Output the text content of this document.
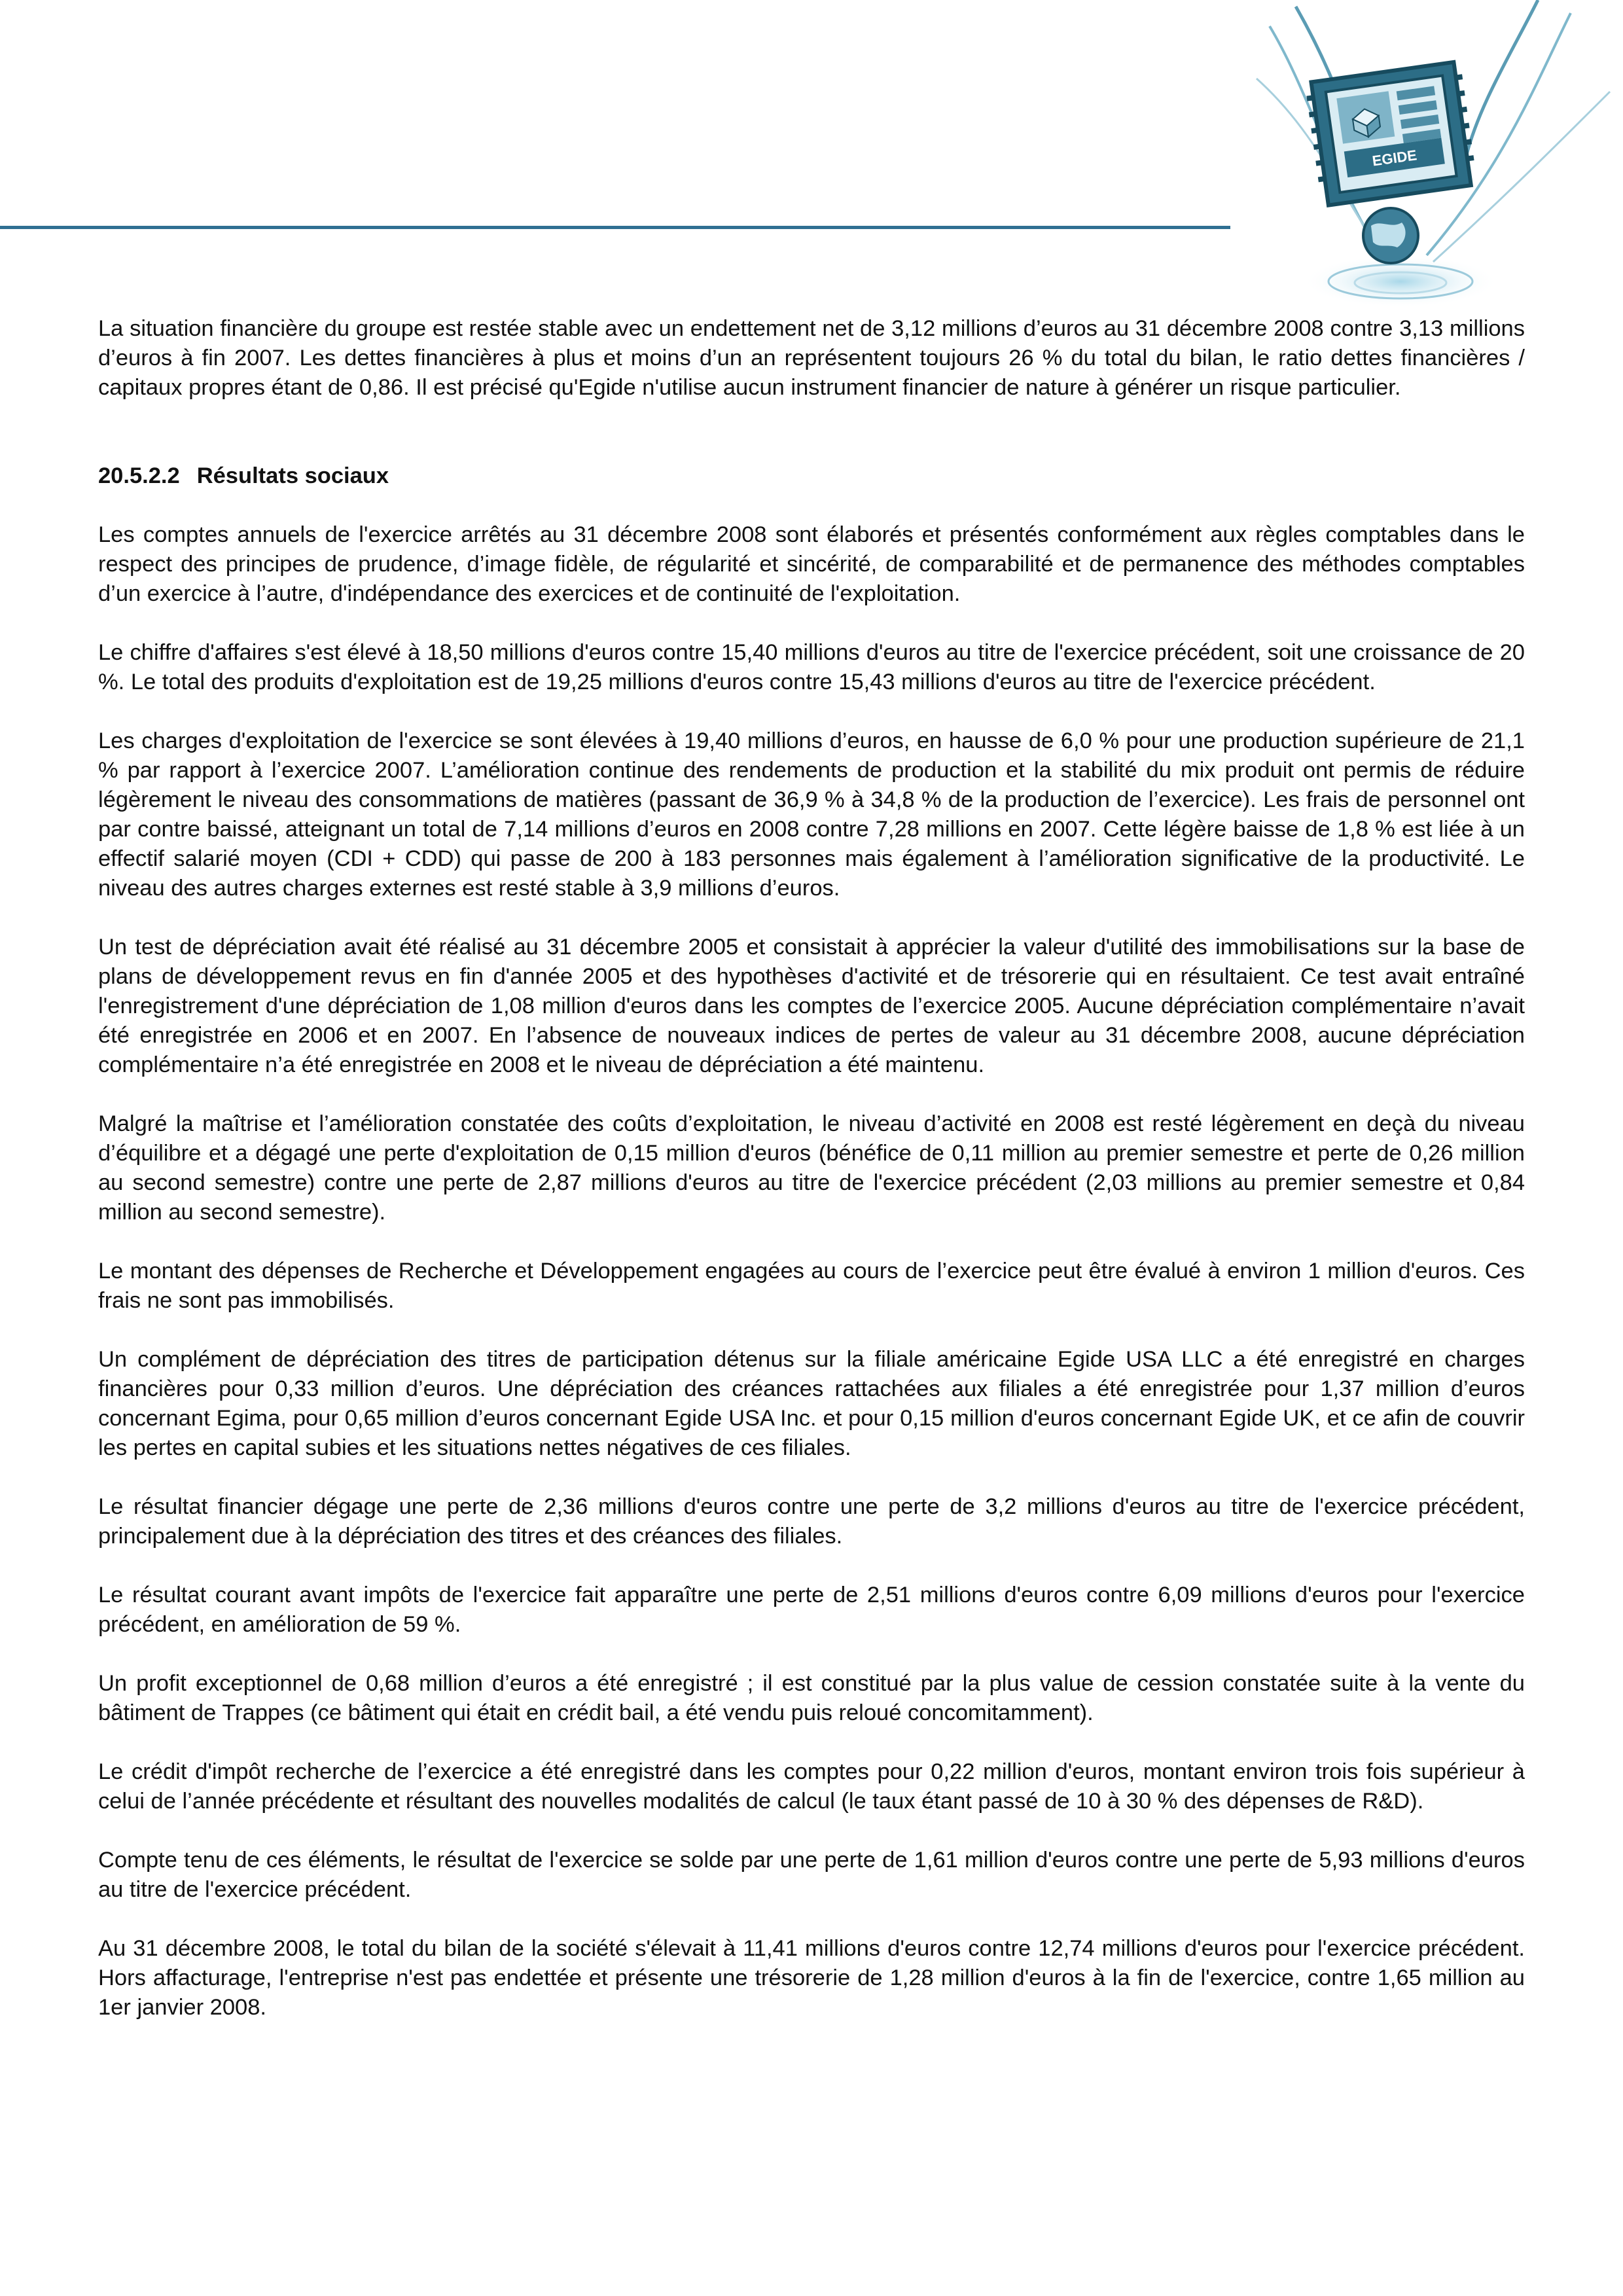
EGIDE

La situation financière du groupe est restée stable avec un endettement net de 3,12 millions d’euros au 31 décembre 2008 contre 3,13 millions d’euros à fin 2007. Les dettes financières à plus et moins d’un an représentent toujours 26 % du total du bilan, le ratio dettes financières / capitaux propres étant de 0,86. Il est précisé qu'Egide n'utilise aucun instrument financier de nature à générer un risque particulier.

20.5.2.2 Résultats sociaux

Les comptes annuels de l'exercice arrêtés au 31 décembre 2008 sont élaborés et présentés conformément aux règles comptables dans le respect des principes de prudence, d’image fidèle, de régularité et sincérité, de comparabilité et de permanence des méthodes comptables d’un exercice à l’autre, d'indépendance des exercices et de continuité de l'exploitation.

Le chiffre d'affaires s'est élevé à 18,50 millions d'euros contre 15,40 millions d'euros au titre de l'exercice précédent, soit une croissance de 20 %. Le total des produits d'exploitation est de 19,25 millions d'euros contre 15,43 millions d'euros au titre de l'exercice précédent.

Les charges d'exploitation de l'exercice se sont élevées à 19,40 millions d’euros, en hausse de 6,0 % pour une production supérieure de 21,1 % par rapport à l’exercice 2007. L’amélioration continue des rendements de production et la stabilité du mix produit ont permis de réduire légèrement le niveau des consommations de matières (passant de 36,9 % à 34,8 % de la production de l’exercice). Les frais de personnel ont par contre baissé, atteignant un total de 7,14 millions d’euros en 2008 contre 7,28 millions en 2007. Cette légère baisse de 1,8 % est liée à un effectif salarié moyen (CDI + CDD) qui passe de 200 à 183 personnes mais également à l’amélioration significative de la productivité. Le niveau des autres charges externes est resté stable à 3,9 millions d’euros.

Un test de dépréciation avait été réalisé au 31 décembre 2005 et consistait à apprécier la valeur d'utilité des immobilisations sur la base de plans de développement revus en fin d'année 2005 et des hypothèses d'activité et de trésorerie qui en résultaient. Ce test avait entraîné l'enregistrement d'une dépréciation de 1,08 million d'euros dans les comptes de l’exercice 2005. Aucune dépréciation complémentaire n’avait été enregistrée en 2006 et en 2007. En l’absence de nouveaux indices de pertes de valeur au 31 décembre 2008, aucune dépréciation complémentaire n’a été enregistrée en 2008 et le niveau de dépréciation a été maintenu.

Malgré la maîtrise et l’amélioration constatée des coûts d’exploitation, le niveau d’activité en 2008 est resté légèrement en deçà du niveau d’équilibre et a dégagé une perte d'exploitation de 0,15 million d'euros (bénéfice de 0,11 million au premier semestre et perte de 0,26 million au second semestre) contre une perte de 2,87 millions d'euros au titre de l'exercice précédent (2,03 millions au premier semestre et 0,84 million au second semestre).

Le montant des dépenses de Recherche et Développement engagées au cours de l’exercice peut être évalué à environ 1 million d'euros. Ces frais ne sont pas immobilisés.

Un complément de dépréciation des titres de participation détenus sur la filiale américaine Egide USA LLC a été enregistré en charges financières pour 0,33 million d’euros. Une dépréciation des créances rattachées aux filiales a été enregistrée pour 1,37 million d’euros concernant Egima, pour 0,65 million d’euros concernant Egide USA Inc. et pour 0,15 million d'euros concernant Egide UK, et ce afin de couvrir les pertes en capital subies et les situations nettes négatives de ces filiales.

Le résultat financier dégage une perte de 2,36 millions d'euros contre une perte de 3,2 millions d'euros au titre de l'exercice précédent, principalement due à la dépréciation des titres et des créances des filiales.

Le résultat courant avant impôts de l'exercice fait apparaître une perte de 2,51 millions d'euros contre 6,09 millions d'euros pour l'exercice précédent, en amélioration de 59 %.

Un profit exceptionnel de 0,68 million d’euros a été enregistré ; il est constitué par la plus value de cession constatée suite à la vente du bâtiment de Trappes (ce bâtiment qui était en crédit bail, a été vendu puis reloué concomitamment).

Le crédit d'impôt recherche de l’exercice a été enregistré dans les comptes pour 0,22 million d'euros, montant environ trois fois supérieur à celui de l’année précédente et résultant des nouvelles modalités de calcul (le taux étant passé de 10 à 30 % des dépenses de R&D).

Compte tenu de ces éléments, le résultat de l'exercice se solde par une perte de 1,61 million d'euros contre une perte de 5,93 millions d'euros au titre de l'exercice précédent.

Au 31 décembre 2008, le total du bilan de la société s'élevait à 11,41 millions d'euros contre 12,74 millions d'euros pour l'exercice précédent. Hors affacturage, l'entreprise n'est pas endettée et présente une trésorerie de 1,28 million d'euros à la fin de l'exercice, contre 1,65 million au 1er janvier 2008.
